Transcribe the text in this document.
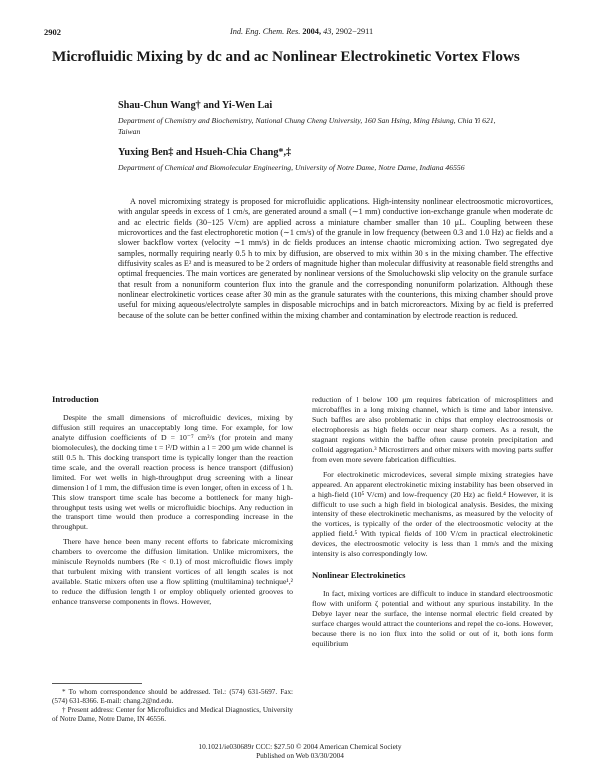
2902	Ind. Eng. Chem. Res. 2004, 43, 2902−2911
Microfluidic Mixing by dc and ac Nonlinear Electrokinetic Vortex Flows
Shau-Chun Wang† and Yi-Wen Lai
Department of Chemistry and Biochemistry, National Chung Cheng University, 160 San Hsing, Ming Hsiung, Chia Yi 621, Taiwan
Yuxing Ben‡ and Hsueh-Chia Chang*,‡
Department of Chemical and Biomolecular Engineering, University of Notre Dame, Notre Dame, Indiana 46556
A novel micromixing strategy is proposed for microfluidic applications. High-intensity nonlinear electroosmotic microvortices, with angular speeds in excess of 1 cm/s, are generated around a small (∼1 mm) conductive ion-exchange granule when moderate dc and ac electric fields (30−125 V/cm) are applied across a miniature chamber smaller than 10 μL. Coupling between these microvortices and the fast electrophoretic motion (∼1 cm/s) of the granule in low frequency (between 0.3 and 1.0 Hz) ac fields and a slower backflow vortex (velocity ∼1 mm/s) in dc fields produces an intense chaotic micromixing action. Two segregated dye samples, normally requiring nearly 0.5 h to mix by diffusion, are observed to mix within 30 s in the mixing chamber. The effective diffusivity scales as E² and is measured to be 2 orders of magnitude higher than molecular diffusivity at reasonable field strengths and optimal frequencies. The main vortices are generated by nonlinear versions of the Smoluchowski slip velocity on the granule surface that result from a nonuniform counterion flux into the granule and the corresponding nonuniform polarization. Although these nonlinear electrokinetic vortices cease after 30 min as the granule saturates with the counterions, this mixing chamber should prove useful for mixing aqueous/electrolyte samples in disposable microchips and in batch microreactors. Mixing by ac field is preferred because of the solute can be better confined within the mixing chamber and contamination by electrode reaction is reduced.
Introduction

Despite the small dimensions of microfluidic devices, mixing by diffusion still requires an unacceptably long time. For example, for low analyte diffusion coefficients of D = 10⁻⁷ cm²/s (for protein and many biomolecules), the docking time t = l²/D within a l = 200 μm wide channel is still 0.5 h. This docking transport time is typically longer than the reaction time scale, and the overall reaction process is hence transport (diffusion) limited. For wet wells in high-throughput drug screening with a linear dimension l of 1 mm, the diffusion time is even longer, often in excess of 1 h. This slow transport time scale has become a bottleneck for many high-throughput tests using wet wells or microfluidic biochips. Any reduction in the transport time would then produce a corresponding increase in the throughput.

There have hence been many recent efforts to fabricate micromixing chambers to overcome the diffusion limitation. Unlike micromixers, the miniscule Reynolds numbers (Re < 0.1) of most microfluidic flows imply that turbulent mixing with transient vortices of all length scales is not available. Static mixers often use a flow splitting (multilamina) technique¹,² to reduce the diffusion length l or employ obliquely oriented grooves to enhance transverse components in flows. However,

reduction of l below 100 μm requires fabrication of microsplitters and microbaffles in a long mixing channel, which is time and labor intensive. Such baffles are also problematic in chips that employ electroosmosis or electrophoresis as high fields occur near sharp corners. As a result, the stagnant regions within the baffle often cause protein precipitation and colloid aggregation.³ Microstirrers and other mixers with moving parts suffer from even more severe fabrication difficulties.

For electrokinetic microdevices, several simple mixing strategies have appeared. An apparent electrokinetic mixing instability has been observed in a high-field (10⁵ V/cm) and low-frequency (20 Hz) ac field.⁴ However, it is difficult to use such a high field in biological analysis. Besides, the mixing intensity of these electrokinetic mechanisms, as measured by the velocity of the vortices, is typically of the order of the electroosmotic velocity at the applied field.⁵ With typical fields of 100 V/cm in practical electrokinetic devices, the electroosmotic velocity is less than 1 mm/s and the mixing intensity is also correspondingly low.

Nonlinear Electrokinetics

In fact, mixing vortices are difficult to induce in standard electroosmotic flow with uniform ζ potential and without any spurious instability. In the Debye layer near the surface, the intense normal electric field created by surface charges would attract the counterions and repel the co-ions. However, because there is no ion flux into the solid or out of it, both ions form equilibrium

* To whom correspondence should be addressed. Tel.: (574) 631-5697. Fax: (574) 631-8366. E-mail: chang.2@nd.edu.

† Present address: Center for Microfluidics and Medical Diagnostics, University of Notre Dame, Notre Dame, IN 46556.

10.1021/ie030689r CCC: $27.50 © 2004 American Chemical Society
Published on Web 03/30/2004
